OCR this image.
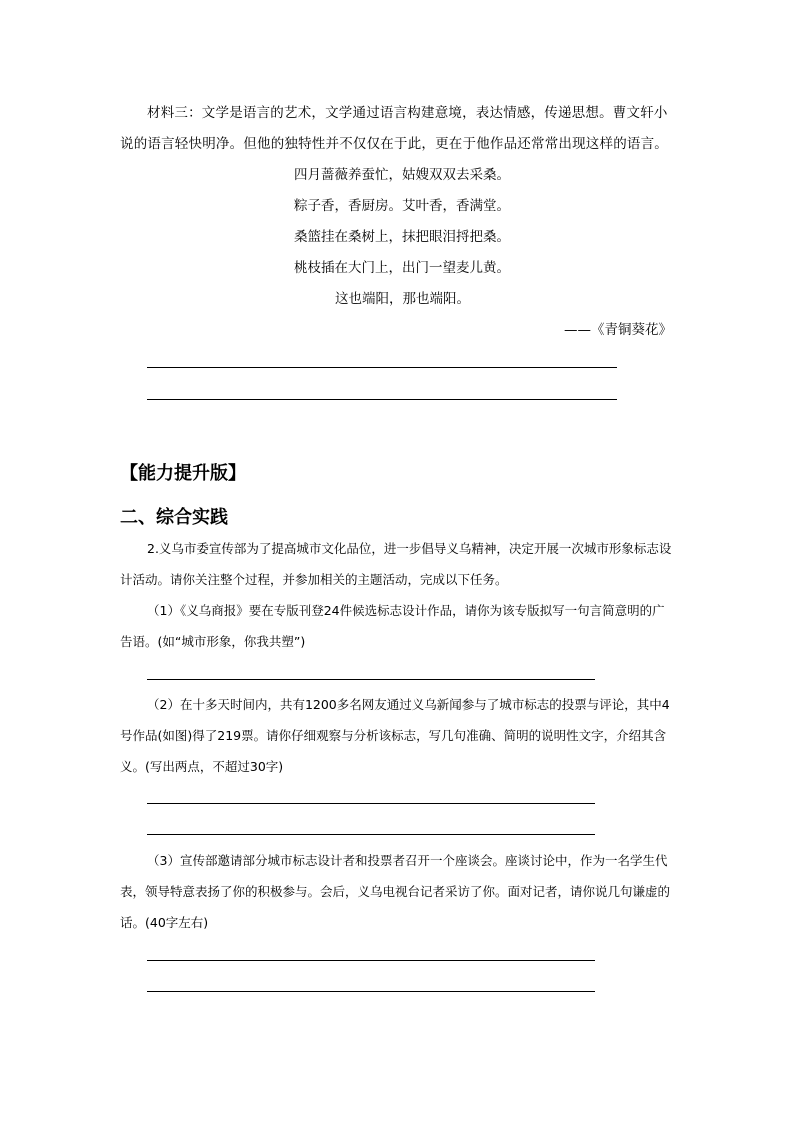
材料三：文学是语言的艺术，文学通过语言构建意境，表达情感，传递思想。曹文轩小说的语言轻快明净。但他的独特性并不仅仅在于此，更在于他作品还常常出现这样的语言。
四月蔷薇养蚕忙，姑嫂双双去采桑。
粽子香，香厨房。艾叶香，香满堂。
桑篮挂在桑树上，抹把眼泪捋把桑。
桃枝插在大门上，出门一望麦儿黄。
这也端阳，那也端阳。
——《青铜葵花》
【能力提升版】
二、综合实践
2.义乌市委宣传部为了提高城市文化品位，进一步倡导义乌精神，决定开展一次城市形象标志设计活动。请你关注整个过程，并参加相关的主题活动，完成以下任务。
（1）《义乌商报》要在专版刊登24件候选标志设计作品，请你为该专版拟写一句言简意明的广告语。(如“城市形象，你我共塑”)
（2）在十多天时间内，共有1200多名网友通过义乌新闻参与了城市标志的投票与评论，其中4号作品(如图)得了219票。请你仔细观察与分析该标志，写几句准确、简明的说明性文字，介绍其含义。(写出两点，不超过30字)
（3）宣传部邀请部分城市标志设计者和投票者召开一个座谈会。座谈讨论中，作为一名学生代表，领导特意表扬了你的积极参与。会后，义乌电视台记者采访了你。面对记者，请你说几句谦虚的话。(40字左右)
